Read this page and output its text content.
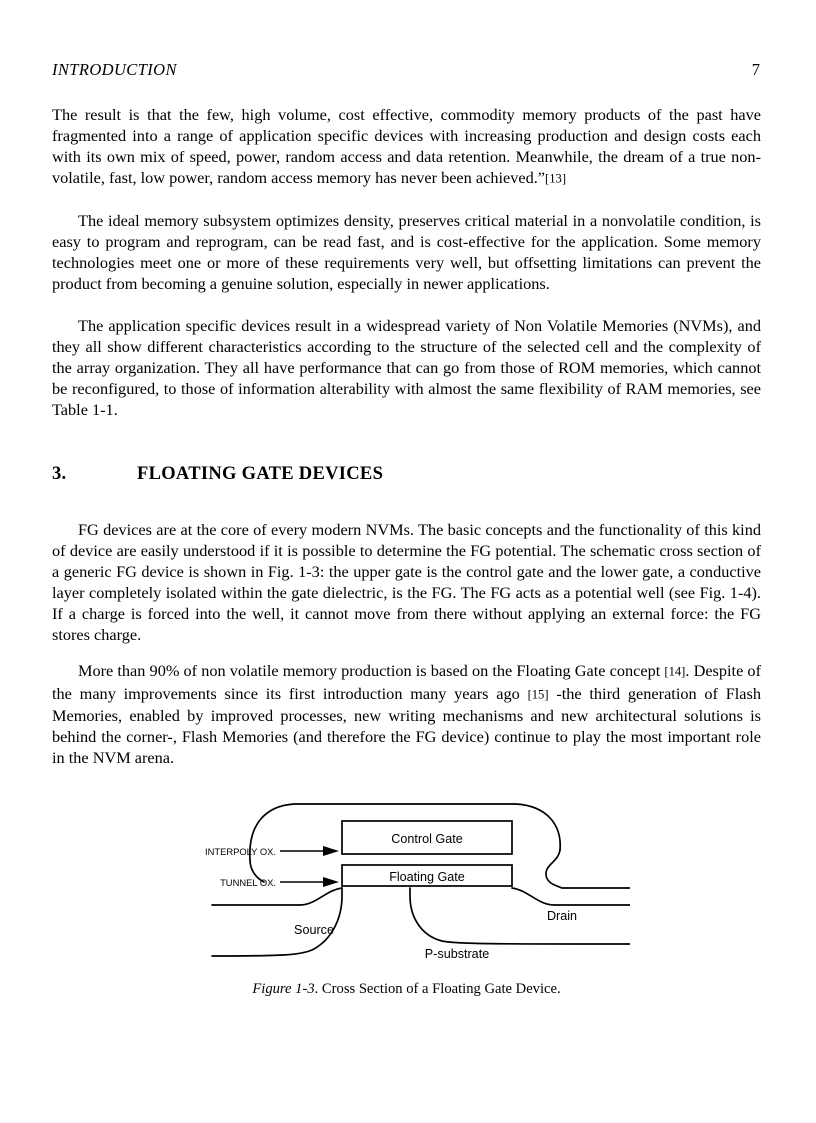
INTRODUCTION	7
The result is that the few, high volume, cost effective, commodity memory products of the past have fragmented into a range of application specific devices with increasing production and design costs each with its own mix of speed, power, random access and data retention. Meanwhile, the dream of a true non-volatile, fast, low power, random access memory has never been achieved.”[13]
The ideal memory subsystem optimizes density, preserves critical material in a nonvolatile condition, is easy to program and reprogram, can be read fast, and is cost-effective for the application. Some memory technologies meet one or more of these requirements very well, but offsetting limitations can prevent the product from becoming a genuine solution, especially in newer applications.
The application specific devices result in a widespread variety of Non Volatile Memories (NVMs), and they all show different characteristics according to the structure of the selected cell and the complexity of the array organization. They all have performance that can go from those of ROM memories, which cannot be reconfigured, to those of information alterability with almost the same flexibility of RAM memories, see Table 1-1.
3.	FLOATING GATE DEVICES
FG devices are at the core of every modern NVMs. The basic concepts and the functionality of this kind of device are easily understood if it is possible to determine the FG potential. The schematic cross section of a generic FG device is shown in Fig. 1-3: the upper gate is the control gate and the lower gate, a conductive layer completely isolated within the gate dielectric, is the FG. The FG acts as a potential well (see Fig. 1-4). If a charge is forced into the well, it cannot move from there without applying an external force: the FG stores charge.
More than 90% of non volatile memory production is based on the Floating Gate concept [14]. Despite of the many improvements since its first introduction many years ago [15] -the third generation of Flash Memories, enabled by improved processes, new writing mechanisms and new architectural solutions is behind the corner-, Flash Memories (and therefore the FG device) continue to play the most important role in the NVM arena.
Control Gate
Floating Gate
INTERPOLY OX.
TUNNEL OX.
Source
Drain
P-substrate
Figure 1-3. Cross Section of a Floating Gate Device.
